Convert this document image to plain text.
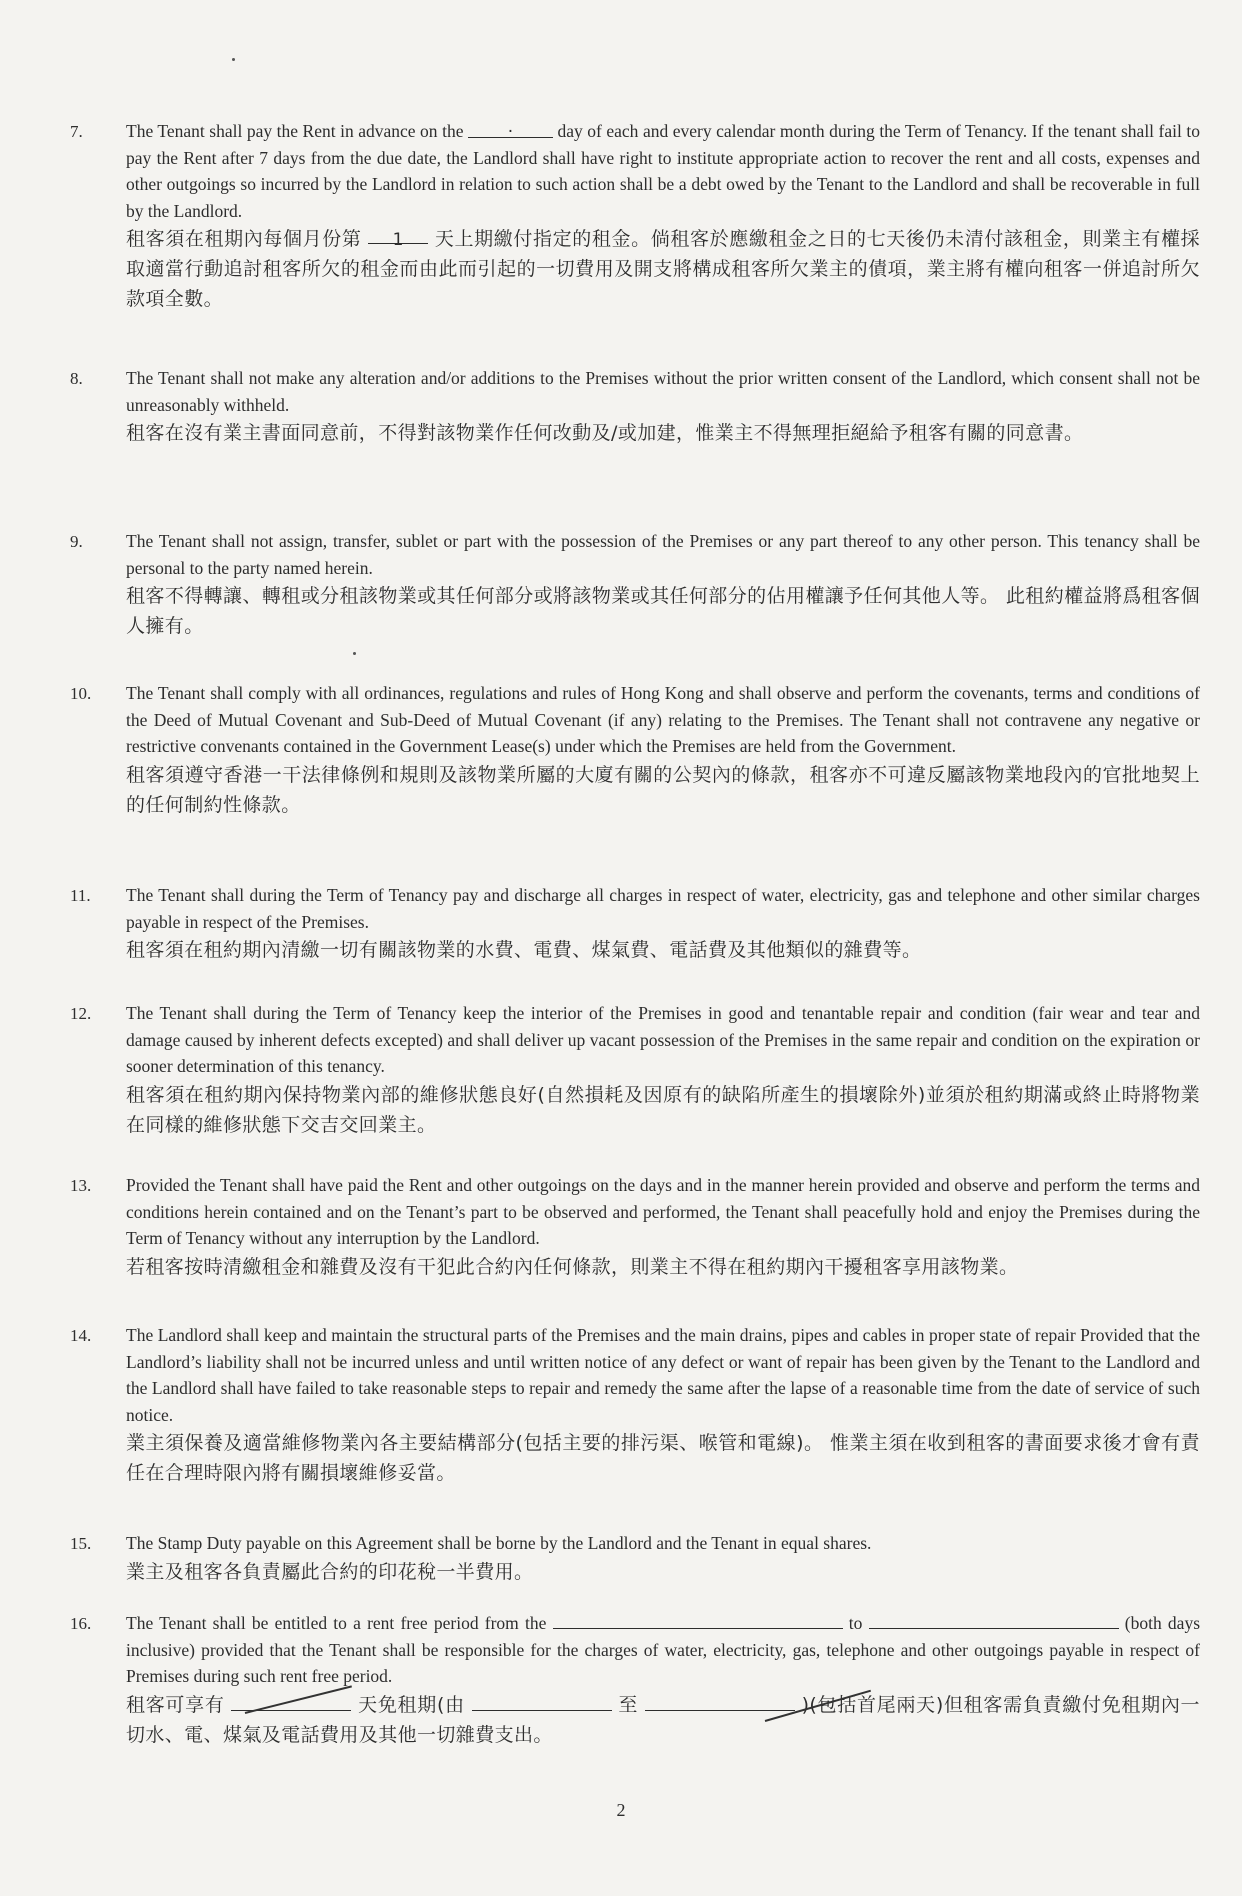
7.	The Tenant shall pay the Rent in advance on the	·	day of each and every calendar month during the Term of Tenancy. If the tenant shall fail to pay the Rent after 7 days from the due date, the Landlord shall have right to institute appropriate action to recover the rent and all costs, expenses and other outgoings so incurred by the Landlord in relation to such action shall be a debt owed by the Tenant to the Landlord and shall be recoverable in full by the Landlord.

租客須在租期內每個月份第 1 天上期繳付指定的租金。倘租客於應繳租金之日的七天後仍未清付該租金，則業主有權採取適當行動追討租客所欠的租金而由此而引起的一切費用及開支將構成租客所欠業主的債項，業主將有權向租客一併追討所欠款項全數。

8.	The Tenant shall not make any alteration and/or additions to the Premises without the prior written consent of the Landlord, which consent shall not be unreasonably withheld.

租客在沒有業主書面同意前，不得對該物業作任何改動及/或加建，惟業主不得無理拒絕給予租客有關的同意書。

9.	The Tenant shall not assign, transfer, sublet or part with the possession of the Premises or any part thereof to any other person. This tenancy shall be personal to the party named herein.

租客不得轉讓、轉租或分租該物業或其任何部分或將該物業或其任何部分的佔用權讓予任何其他人等。 此租約權益將爲租客個人擁有。

10.	The Tenant shall comply with all ordinances, regulations and rules of Hong Kong and shall observe and perform the covenants, terms and conditions of the Deed of Mutual Covenant and Sub-Deed of Mutual Covenant (if any) relating to the Premises. The Tenant shall not contravene any negative or restrictive convenants contained in the Government Lease(s) under which the Premises are held from the Government.

租客須遵守香港一干法律條例和規則及該物業所屬的大廈有關的公契內的條款，租客亦不可違反屬該物業地段內的官批地契上的任何制約性條款。

11.	The Tenant shall during the Term of Tenancy pay and discharge all charges in respect of water, electricity, gas and telephone and other similar charges payable in respect of the Premises.

租客須在租約期內清繳一切有關該物業的水費、電費、煤氣費、電話費及其他類似的雜費等。

12.	The Tenant shall during the Term of Tenancy keep the interior of the Premises in good and tenantable repair and condition (fair wear and tear and damage caused by inherent defects excepted) and shall deliver up vacant possession of the Premises in the same repair and condition on the expiration or sooner determination of this tenancy.

租客須在租約期內保持物業內部的維修狀態良好(自然損耗及因原有的缺陷所產生的損壞除外)並須於租約期滿或終止時將物業在同樣的維修狀態下交吉交回業主。

13.	Provided the Tenant shall have paid the Rent and other outgoings on the days and in the manner herein provided and observe and perform the terms and conditions herein contained and on the Tenant’s part to be observed and performed, the Tenant shall peacefully hold and enjoy the Premises during the Term of Tenancy without any interruption by the Landlord.

若租客按時清繳租金和雜費及沒有干犯此合約內任何條款，則業主不得在租約期內干擾租客享用該物業。

14.	The Landlord shall keep and maintain the structural parts of the Premises and the main drains, pipes and cables in proper state of repair Provided that the Landlord’s liability shall not be incurred unless and until written notice of any defect or want of repair has been given by the Tenant to the Landlord and the Landlord shall have failed to take reasonable steps to repair and remedy the same after the lapse of a reasonable time from the date of service of such notice.

業主須保養及適當維修物業內各主要結構部分(包括主要的排污渠、喉管和電線)。 惟業主須在收到租客的書面要求後才會有責任在合理時限內將有關損壞維修妥當。

15.	The Stamp Duty payable on this Agreement shall be borne by the Landlord and the Tenant in equal shares.

業主及租客各負責屬此合約的印花稅一半費用。

16.	The Tenant shall be entitled to a rent free period from the	to	(both days inclusive) provided that the Tenant shall be responsible for the charges of water, electricity, gas, telephone and other outgoings payable in respect of Premises during such rent free period.

租客可享有	天免租期(由	至	)(包括首尾兩天)但租客需負責繳付免租期內一切水、電、煤氣及電話費用及其他一切雜費支出。

2
